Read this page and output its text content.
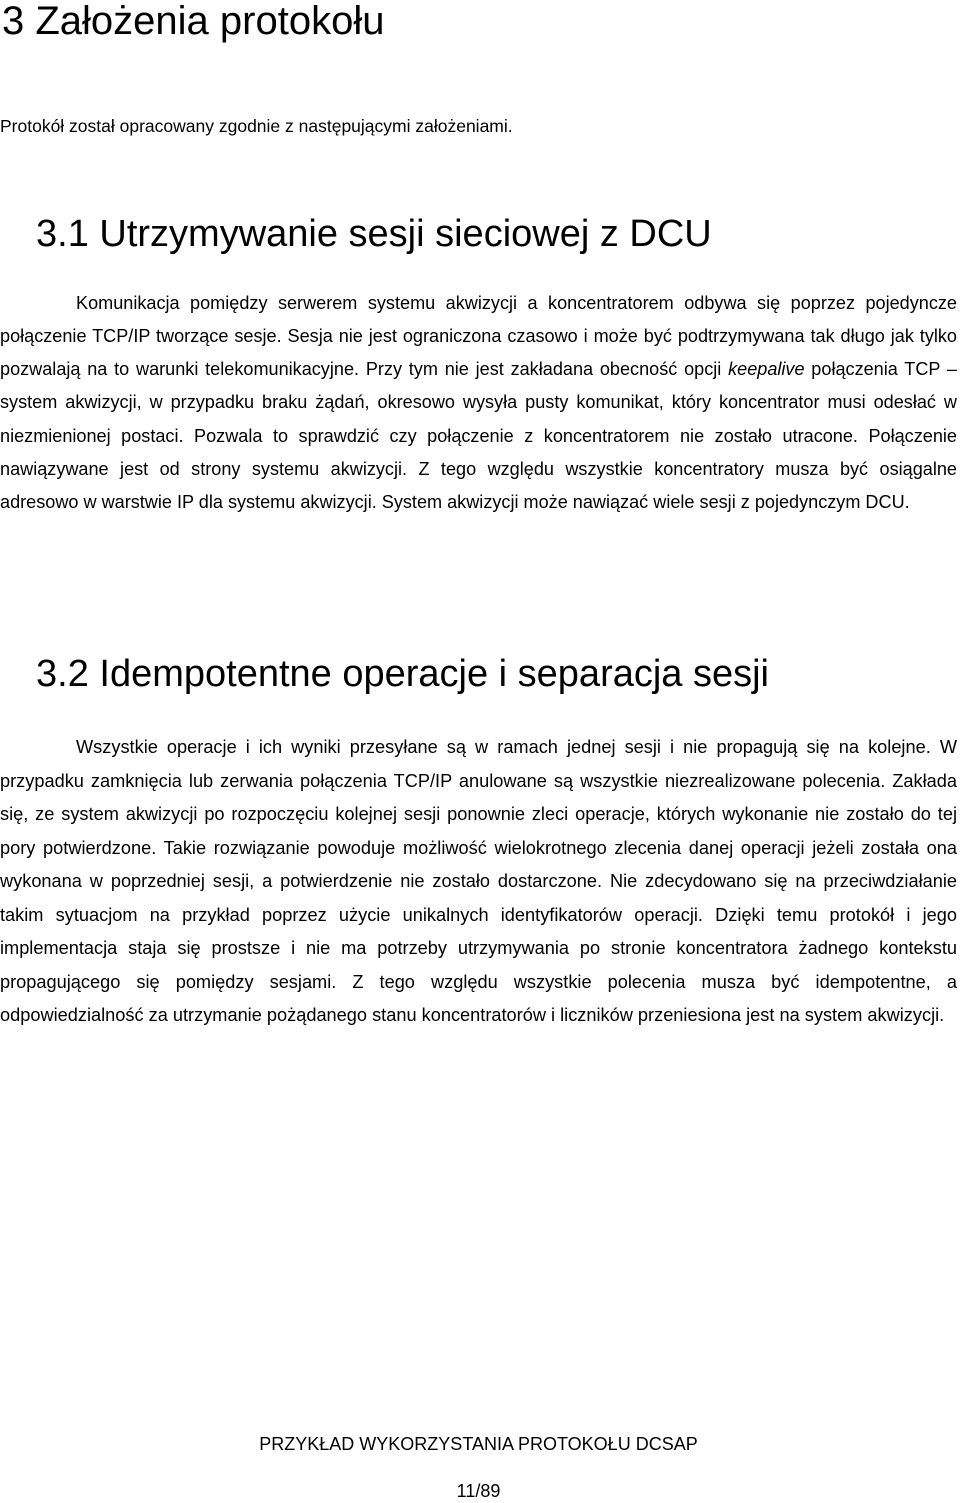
3 Założenia protokołu

Protokół został opracowany zgodnie z następującymi założeniami.

3.1 Utrzymywanie sesji sieciowej z DCU

Komunikacja pomiędzy serwerem systemu akwizycji a koncentratorem odbywa się poprzez pojedyncze połączenie TCP/IP tworzące sesje. Sesja nie jest ograniczona czasowo i może być podtrzymywana tak długo jak tylko pozwalają na to warunki telekomunikacyjne. Przy tym nie jest zakładana obecność opcji keepalive połączenia TCP – system akwizycji, w przypadku braku żądań, okresowo wysyła pusty komunikat, który koncentrator musi odesłać w niezmienionej postaci. Pozwala to sprawdzić czy połączenie z koncentratorem nie zostało utracone. Połączenie nawiązywane jest od strony systemu akwizycji. Z tego względu wszystkie koncentratory musza być osiągalne adresowo w warstwie IP dla systemu akwizycji. System akwizycji może nawiązać wiele sesji z pojedynczym DCU.

3.2 Idempotentne operacje i separacja sesji

Wszystkie operacje i ich wyniki przesyłane są w ramach jednej sesji i nie propagują się na kolejne. W przypadku zamknięcia lub zerwania połączenia TCP/IP anulowane są wszystkie niezrealizowane polecenia. Zakłada się, ze system akwizycji po rozpoczęciu kolejnej sesji ponownie zleci operacje, których wykonanie nie zostało do tej pory potwierdzone. Takie rozwiązanie powoduje możliwość wielokrotnego zlecenia danej operacji jeżeli została ona wykonana w poprzedniej sesji, a potwierdzenie nie zostało dostarczone. Nie zdecydowano się na przeciwdziałanie takim sytuacjom na przykład poprzez użycie unikalnych identyfikatorów operacji. Dzięki temu protokół i jego implementacja staja się prostsze i nie ma potrzeby utrzymywania po stronie koncentratora żadnego kontekstu propagującego się pomiędzy sesjami. Z tego względu wszystkie polecenia musza być idempotentne, a odpowiedzialność za utrzymanie pożądanego stanu koncentratorów i liczników przeniesiona jest na system akwizycji.

PRZYKŁAD WYKORZYSTANIA PROTOKOŁU DCSAP
11/89
